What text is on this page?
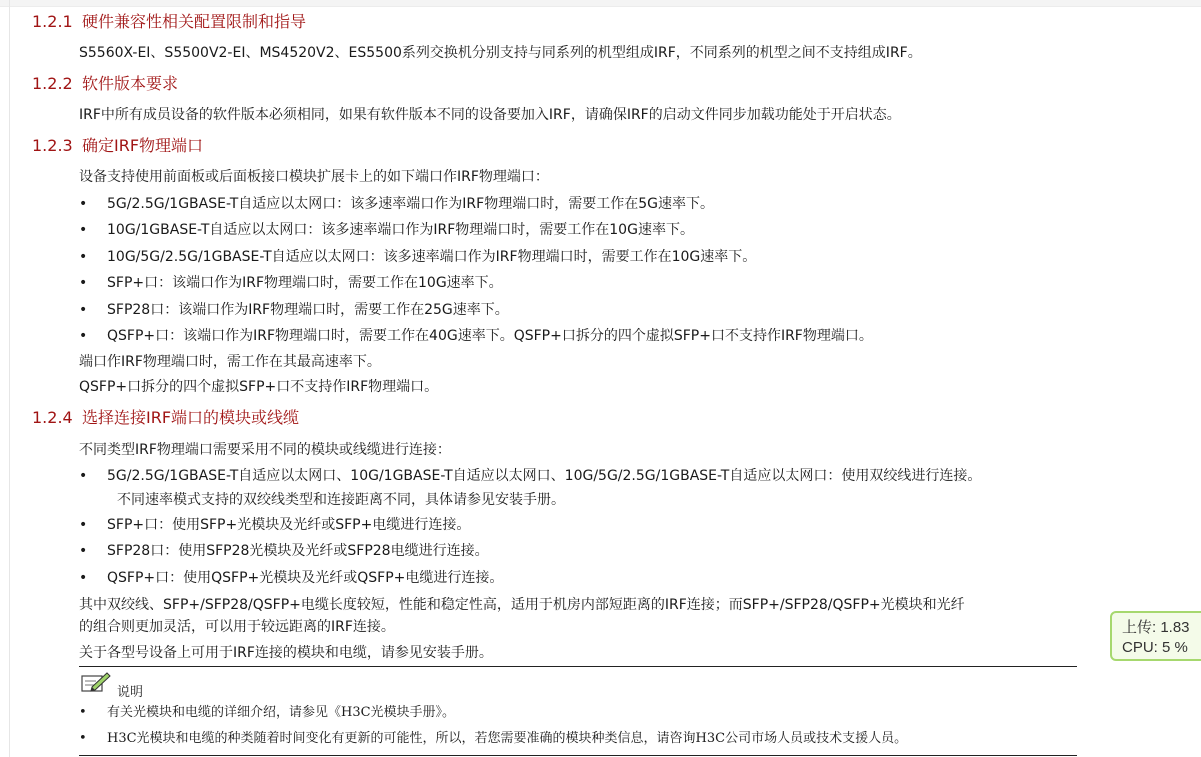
1.2.1 硬件兼容性相关配置限制和指导
S5560X-EI、S5500V2-EI、MS4520V2、ES5500系列交换机分别支持与同系列的机型组成IRF，不同系列的机型之间不支持组成IRF。
1.2.2 软件版本要求
IRF中所有成员设备的软件版本必须相同，如果有软件版本不同的设备要加入IRF，请确保IRF的启动文件同步加载功能处于开启状态。
1.2.3 确定IRF物理端口
设备支持使用前面板或后面板接口模块扩展卡上的如下端口作IRF物理端口：
•	5G/2.5G/1GBASE-T自适应以太网口：该多速率端口作为IRF物理端口时，需要工作在5G速率下。
•	10G/1GBASE-T自适应以太网口：该多速率端口作为IRF物理端口时，需要工作在10G速率下。
•	10G/5G/2.5G/1GBASE-T自适应以太网口：该多速率端口作为IRF物理端口时，需要工作在10G速率下。
•	SFP+口：该端口作为IRF物理端口时，需要工作在10G速率下。
•	SFP28口：该端口作为IRF物理端口时，需要工作在25G速率下。
•	QSFP+口：该端口作为IRF物理端口时，需要工作在40G速率下。QSFP+口拆分的四个虚拟SFP+口不支持作IRF物理端口。
端口作IRF物理端口时，需工作在其最高速率下。
QSFP+口拆分的四个虚拟SFP+口不支持作IRF物理端口。
1.2.4 选择连接IRF端口的模块或线缆
不同类型IRF物理端口需要采用不同的模块或线缆进行连接：
•	5G/2.5G/1GBASE-T自适应以太网口、10G/1GBASE-T自适应以太网口、10G/5G/2.5G/1GBASE-T自适应以太网口：使用双绞线进行连接。
不同速率模式支持的双绞线类型和连接距离不同，具体请参见安装手册。
•	SFP+口：使用SFP+光模块及光纤或SFP+电缆进行连接。
•	SFP28口：使用SFP28光模块及光纤或SFP28电缆进行连接。
•	QSFP+口：使用QSFP+光模块及光纤或QSFP+电缆进行连接。
其中双绞线、SFP+/SFP28/QSFP+电缆长度较短，性能和稳定性高，适用于机房内部短距离的IRF连接；而SFP+/SFP28/QSFP+光模块和光纤
的组合则更加灵活，可以用于较远距离的IRF连接。
关于各型号设备上可用于IRF连接的模块和电缆，请参见安装手册。
说明
• 有关光模块和电缆的详细介绍，请参见《H3C光模块手册》。
• H3C光模块和电缆的种类随着时间变化有更新的可能性，所以，若您需要准确的模块种类信息，请咨询H3C公司市场人员或技术支援人员。
上传: 1.83
CPU: 5 %
